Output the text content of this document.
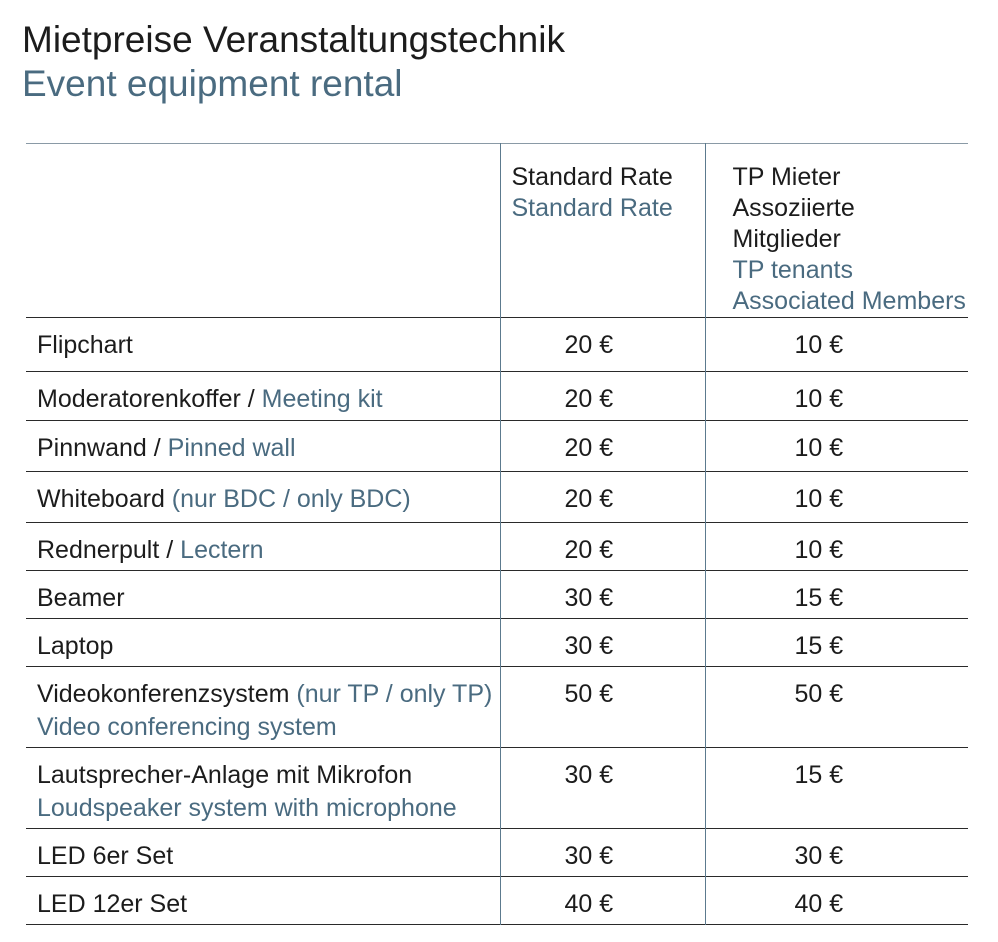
Mietpreise Veranstaltungstechnik
Event equipment rental

	Standard Rate
Standard Rate	TP Mieter
Assoziierte Mitglieder
TP tenants
Associated Members

Flipchart	20 €	10 €

Moderatorenkoffer / Meeting kit	20 €	10 €

Pinnwand / Pinned wall	20 €	10 €

Whiteboard (nur BDC / only BDC)	20 €	10 €

Rednerpult / Lectern	20 €	10 €

Beamer	30 €	15 €

Laptop	30 €	15 €

Videokonferenzsystem (nur TP / only TP)
Video conferencing system	50 €	50 €

Lautsprecher-Anlage mit Mikrofon
Loudspeaker system with microphone	30 €	15 €

LED 6er Set	30 €	30 €

LED 12er Set	40 €	40 €
